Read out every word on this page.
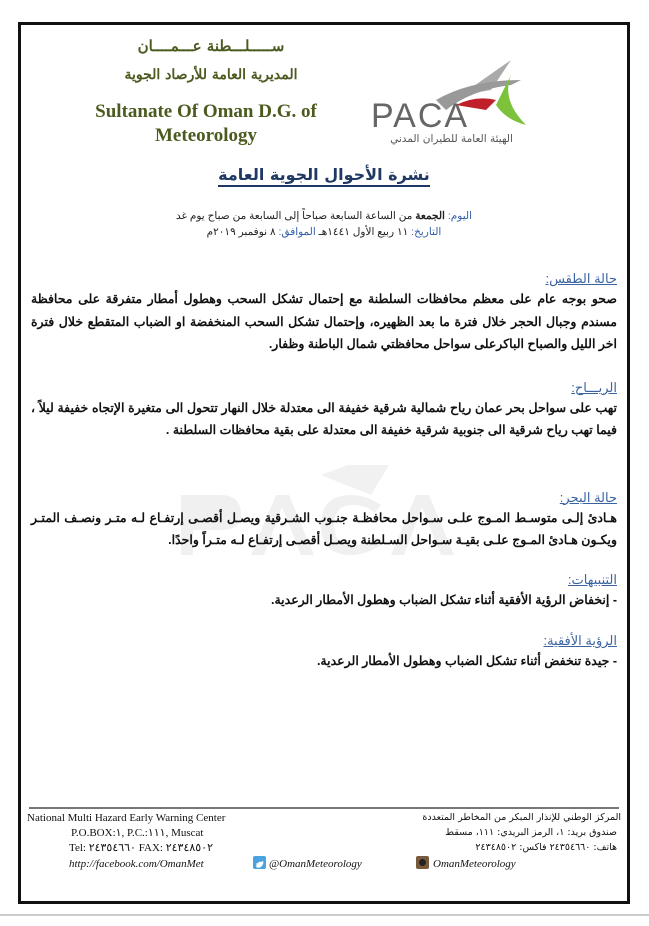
ســـــلـــطنة عـــمــــان
المديرية العامة للأرصاد الجوية
Sultanate Of Oman D.G. of
Meteorology
PACA
الهيئة العامة للطيران المدني
نشرة الأحوال الجوية العامة
اليوم: الجمعة من الساعة السابعة صباحاً إلى السابعة من صباح يوم غد
التاريخ: ١١ ربيع الأول ١٤٤١هـ الموافق: ٨ نوفمبر ٢٠١٩م
حالة الطقس:
صحو بوجه عام على معظم محافظات السلطنة مع إحتمال تشكل السحب وهطول أمطار متفرقة على محافظة مسندم وجبال الحجر خلال فترة ما بعد الظهيره، وإحتمال تشكل السحب المنخفضة او الضباب المتقطع خلال فترة اخر الليل والصباح الباكرعلى سواحل محافظتي شمال الباطنة وظفار.
الريـــاح:
تهب على سواحل بحر عمان رياح شمالية شرقية خفيفة الى معتدلة خلال النهار تتحول الى متغيرة الإتجاه خفيفة ليلاً ، فيما تهب رياح شرقية الى جنوبية شرقية خفيفة الى معتدلة على بقية محافظات السلطنة .
حالة البحر:
هـادئ إلـى متوسـط المـوج علـى سـواحل محافظـة جنـوب الشـرقية ويصـل أقصـى إرتفـاع لـه متـر ونصـف المتـر ويكـون هـادئ المـوج علـى بقيـة سـواحل السـلطنة ويصـل أقصـى إرتفـاع لـه متـراً واحدًا.
التنبيهات:
- إنخفاض الرؤية الأفقية أثناء تشكل الضباب وهطول الأمطار الرعدية.
الرؤية الأفقية:
- جيدة تنخفض أثناء تشكل الضباب وهطول الأمطار الرعدية.
National Multi Hazard Early Warning Center
P.O.BOX:١, P.C.:١١١, Muscat
Tel: ٢٤٣٥٤٦٦٠ FAX: ٢٤٣٤٨٥٠٢
http://facebook.com/OmanMet
المركز الوطني للإنذار المبكر من المخاطر المتعددة
صندوق بريد: ١، الرمز البريدي: ١١١، مسقط
هاتف: ٢٤٣٥٤٦٦٠ فاكس: ٢٤٣٤٨٥٠٢
@OmanMeteorology	OmanMeteorology
